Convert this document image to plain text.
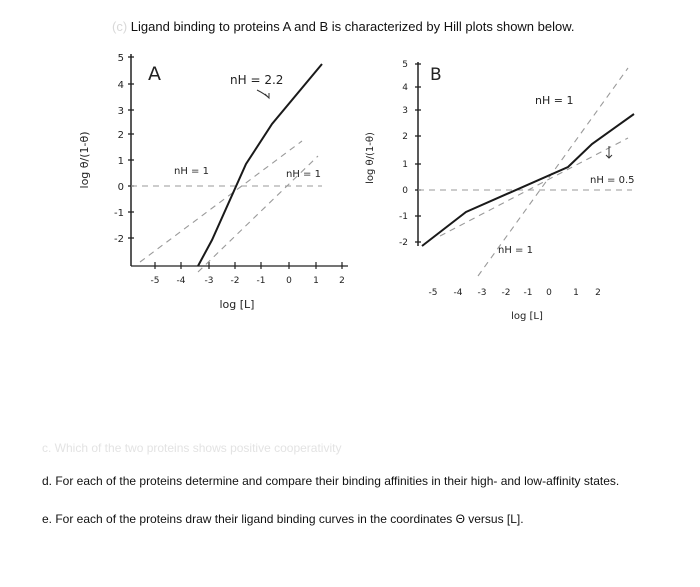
(c) Ligand binding to proteins A and B is characterized by Hill plots shown below.
5
4
3
2
1
0
-1
-2
log θ/(1-θ)
-5 -4 -3 -2 -1 0 1 2
log [L]
A	nH = 2.2
nH = 1	nH = 1
5
4
3
2
1
0
-1
-2
log θ/(1-θ)
B
-5 -4 -3 -2 -1 0 1 2
log [L]
nH = 1
nH = 0.5
nH = 1
c. Which of the two proteins shows positive cooperativity
d. For each of the proteins determine and compare their binding affinities in their high- and low-affinity states.
e. For each of the proteins draw their ligand binding curves in the coordinates Θ versus [L].
